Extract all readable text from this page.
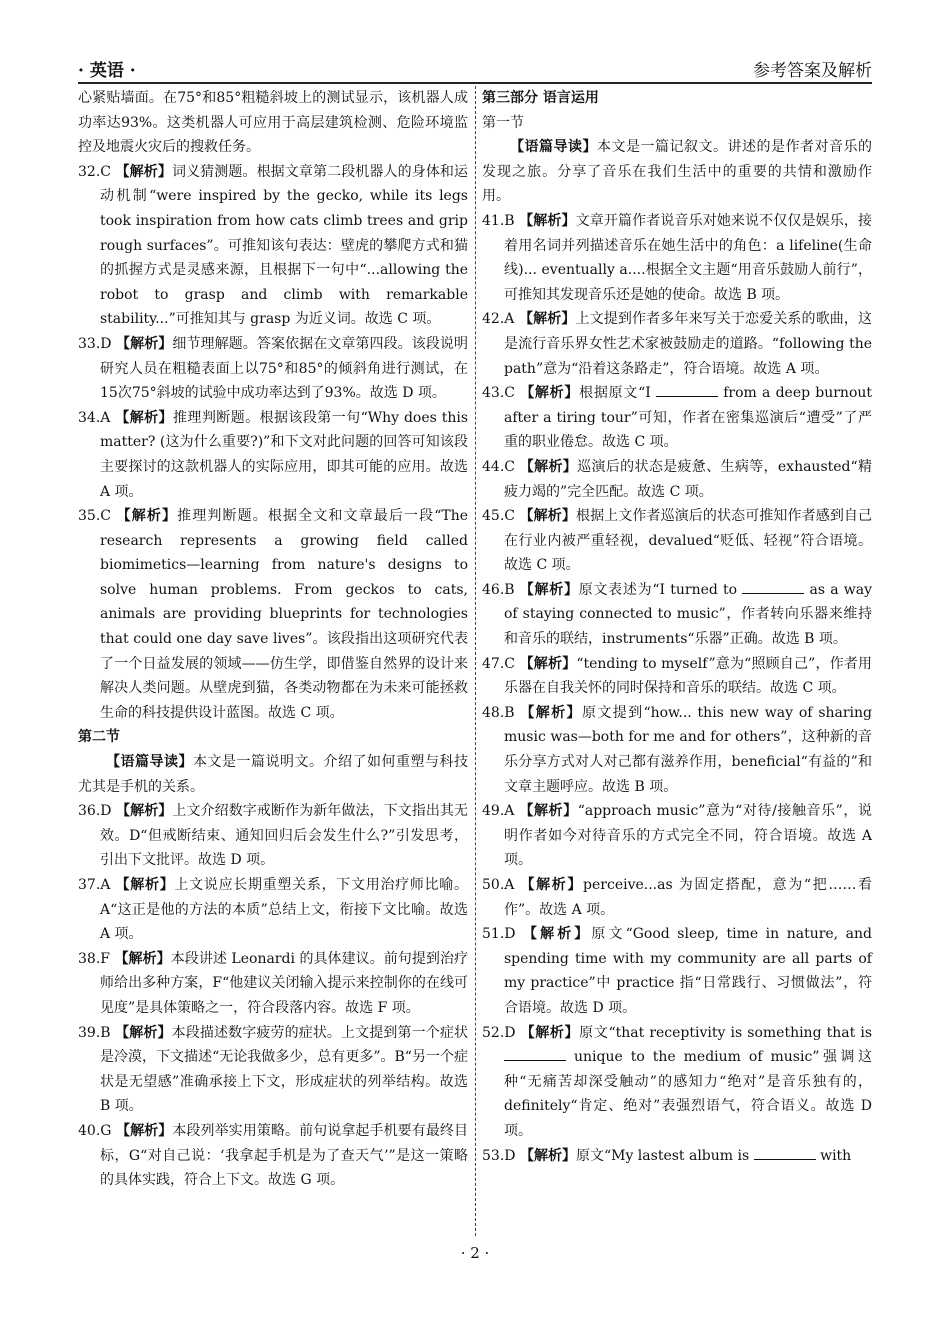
· 英语 ·	参考答案及解析

心紧贴墙面。在75°和85°粗糙斜坡上的测试显示，该机器人成功率达93%。这类机器人可应用于高层建筑检测、危险环境监控及地震火灾后的搜救任务。

32.C 【解析】词义猜测题。根据文章第二段机器人的身体和运动机制“were inspired by the gecko, while its legs took inspiration from how cats climb trees and grip rough surfaces”。可推知该句表达：壁虎的攀爬方式和猫的抓握方式是灵感来源，且根据下一句中“...allowing the robot to grasp and climb with remarkable stability...”可推知其与 grasp 为近义词。故选 C 项。

33.D 【解析】细节理解题。答案依据在文章第四段。该段说明研究人员在粗糙表面上以75°和85°的倾斜角进行测试，在15次75°斜坡的试验中成功率达到了93%。故选 D 项。

34.A 【解析】推理判断题。根据该段第一句“Why does this matter? (这为什么重要?)”和下文对此问题的回答可知该段主要探讨的这款机器人的实际应用，即其可能的应用。故选 A 项。

35.C 【解析】推理判断题。根据全文和文章最后一段“The research represents a growing field called biomimetics—learning from nature's designs to solve human problems. From geckos to cats, animals are providing blueprints for technologies that could one day save lives”。该段指出这项研究代表了一个日益发展的领域——仿生学，即借鉴自然界的设计来解决人类问题。从壁虎到猫，各类动物都在为未来可能拯救生命的科技提供设计蓝图。故选 C 项。

第二节

【语篇导读】本文是一篇说明文。介绍了如何重塑与科技尤其是手机的关系。

36.D 【解析】上文介绍数字戒断作为新年做法，下文指出其无效。D“但戒断结束、通知回归后会发生什么?”引发思考，引出下文批评。故选 D 项。

37.A 【解析】上文说应长期重塑关系，下文用治疗师比喻。A“这正是他的方法的本质”总结上文，衔接下文比喻。故选 A 项。

38.F 【解析】本段讲述 Leonardi 的具体建议。前句提到治疗师给出多种方案，F“他建议关闭输入提示来控制你的在线可见度”是具体策略之一，符合段落内容。故选 F 项。

39.B 【解析】本段描述数字疲劳的症状。上文提到第一个症状是冷漠，下文描述“无论我做多少，总有更多”。B“另一个症状是无望感”准确承接上下文，形成症状的列举结构。故选 B 项。

40.G 【解析】本段列举实用策略。前句说拿起手机要有最终目标，G“对自己说：‘我拿起手机是为了查天气’”是这一策略的具体实践，符合上下文。故选 G 项。

第三部分 语言运用

第一节

【语篇导读】本文是一篇记叙文。讲述的是作者对音乐的发现之旅。分享了音乐在我们生活中的重要的共情和激励作用。

41.B 【解析】文章开篇作者说音乐对她来说不仅仅是娱乐，接着用名词并列描述音乐在她生活中的角色：a lifeline(生命线)... eventually a....根据全文主题“用音乐鼓励人前行”，可推知其发现音乐还是她的使命。故选 B 项。

42.A 【解析】上文提到作者多年来写关于恋爱关系的歌曲，这是流行音乐界女性艺术家被鼓励走的道路。“following the path”意为“沿着这条路走”，符合语境。故选 A 项。

43.C 【解析】根据原文“I	from a deep burnout after a tiring tour”可知，作者在密集巡演后“遭受”了严重的职业倦怠。故选 C 项。

44.C 【解析】巡演后的状态是疲惫、生病等，exhausted“精疲力竭的”完全匹配。故选 C 项。

45.C 【解析】根据上文作者巡演后的状态可推知作者感到自己在行业内被严重轻视，devalued“贬低、轻视”符合语境。故选 C 项。

46.B 【解析】原文表述为“I turned to	as a way of staying connected to music”，作者转向乐器来维持和音乐的联结，instruments“乐器”正确。故选 B 项。

47.C 【解析】“tending to myself”意为“照顾自己”，作者用乐器在自我关怀的同时保持和音乐的联结。故选 C 项。

48.B 【解析】原文提到“how... this new way of sharing music was—both for me and for others”，这种新的音乐分享方式对人对己都有滋养作用，beneficial“有益的”和文章主题呼应。故选 B 项。

49.A 【解析】“approach music”意为“对待/接触音乐”，说明作者如今对待音乐的方式完全不同，符合语境。故选 A 项。

50.A 【解析】perceive...as 为固定搭配，意为“把……看作”。故选 A 项。

51.D 【解析】原文“Good sleep, time in nature, and spending time with my community are all parts of my practice”中 practice 指“日常践行、习惯做法”，符合语境。故选 D 项。

52.D 【解析】原文“that receptivity is something that is  unique to the medium of music”强调这种“无痛苦却深受触动”的感知力“绝对”是音乐独有的，definitely“肯定、绝对”表强烈语气，符合语义。故选 D 项。

53.D 【解析】原文“My lastest album is	with

· 2 ·
